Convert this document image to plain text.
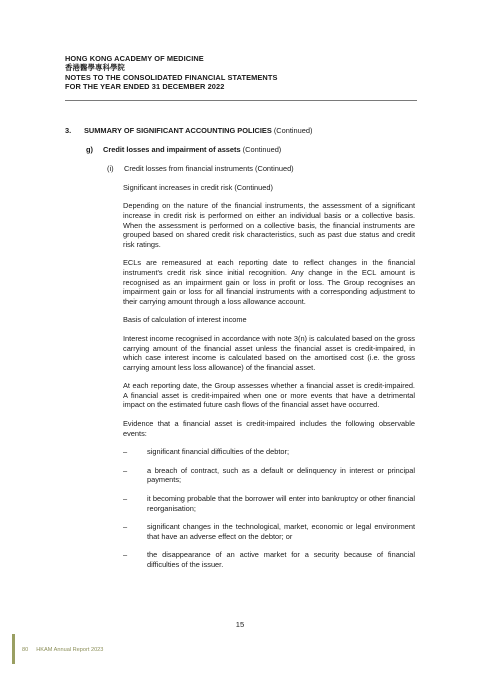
HONG KONG ACADEMY OF MEDICINE
香港醫學專科學院
NOTES TO THE CONSOLIDATED FINANCIAL STATEMENTS
FOR THE YEAR ENDED 31 DECEMBER 2022
3. SUMMARY OF SIGNIFICANT ACCOUNTING POLICIES (Continued)
g) Credit losses and impairment of assets (Continued)
(i) Credit losses from financial instruments (Continued)

Significant increases in credit risk (Continued)

Depending on the nature of the financial instruments, the assessment of a significant increase in credit risk is performed on either an individual basis or a collective basis. When the assessment is performed on a collective basis, the financial instruments are grouped based on shared credit risk characteristics, such as past due status and credit risk ratings.

ECLs are remeasured at each reporting date to reflect changes in the financial instrument's credit risk since initial recognition. Any change in the ECL amount is recognised as an impairment gain or loss in profit or loss. The Group recognises an impairment gain or loss for all financial instruments with a corresponding adjustment to their carrying amount through a loss allowance account.

Basis of calculation of interest income

Interest income recognised in accordance with note 3(n) is calculated based on the gross carrying amount of the financial asset unless the financial asset is credit-impaired, in which case interest income is calculated based on the amortised cost (i.e. the gross carrying amount less loss allowance) of the financial asset.

At each reporting date, the Group assesses whether a financial asset is credit-impaired. A financial asset is credit-impaired when one or more events that have a detrimental impact on the estimated future cash flows of the financial asset have occurred.

Evidence that a financial asset is credit-impaired includes the following observable events:

–	significant financial difficulties of the debtor;
–	a breach of contract, such as a default or delinquency in interest or principal payments;
–	it becoming probable that the borrower will enter into bankruptcy or other financial reorganisation;
–	significant changes in the technological, market, economic or legal environment that have an adverse effect on the debtor; or
–	the disappearance of an active market for a security because of financial difficulties of the issuer.
15
80 HKAM Annual Report 2023
